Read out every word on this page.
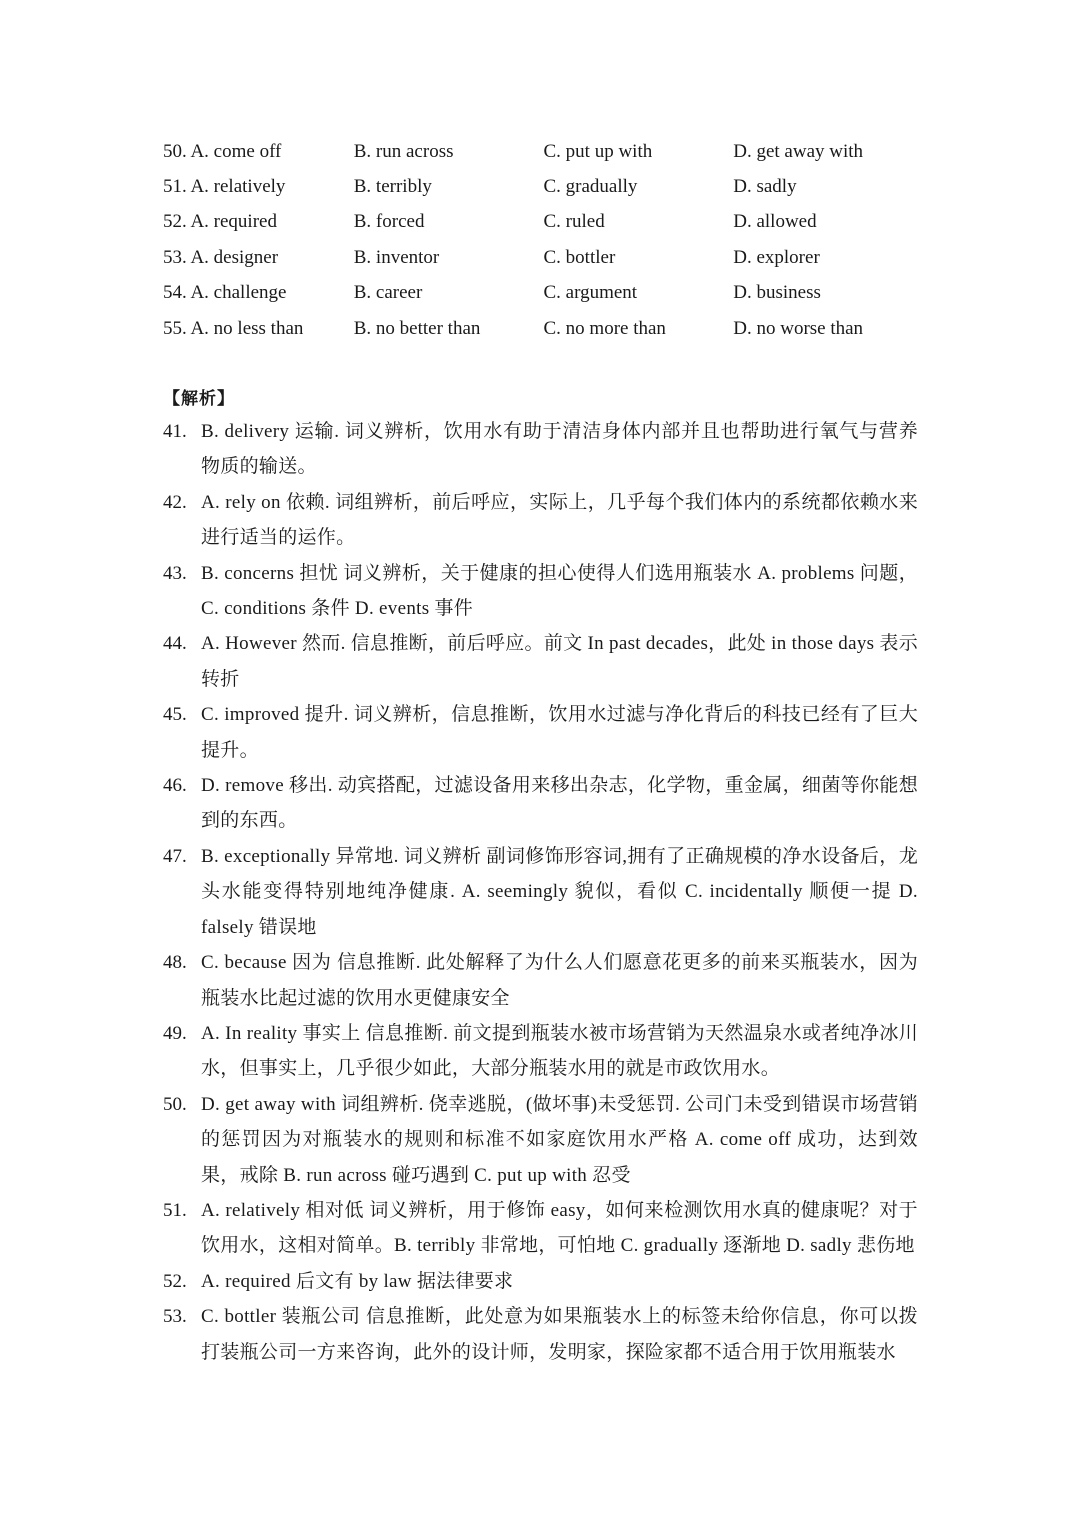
50. A. come off	B. run across	C. put up with	D. get away with
51. A. relatively	B. terribly	C. gradually	D. sadly
52. A. required	B. forced	C. ruled	D. allowed
53. A. designer	B. inventor	C. bottler	D. explorer
54. A. challenge	B. career	C. argument	D. business
55. A. no less than	B. no better than	C. no more than	D. no worse than
【解析】
41. B. delivery 运输. 词义辨析，饮用水有助于清洁身体内部并且也帮助进行氧气与营养物质的输送。
42. A. rely on 依赖. 词组辨析，前后呼应，实际上，几乎每个我们体内的系统都依赖水来进行适当的运作。
43. B. concerns 担忧 词义辨析，关于健康的担心使得人们选用瓶装水 A. problems 问题，C. conditions 条件 D. events 事件
44. A. However 然而. 信息推断，前后呼应。前文 In past decades，此处 in those days 表示转折
45. C. improved 提升. 词义辨析，信息推断，饮用水过滤与净化背后的科技已经有了巨大提升。
46. D. remove 移出. 动宾搭配，过滤设备用来移出杂志，化学物，重金属，细菌等你能想到的东西。
47. B. exceptionally 异常地. 词义辨析 副词修饰形容词,拥有了正确规模的净水设备后，龙头水能变得特别地纯净健康. A. seemingly 貌似，看似 C. incidentally 顺便一提 D. falsely 错误地
48. C. because 因为 信息推断. 此处解释了为什么人们愿意花更多的前来买瓶装水，因为瓶装水比起过滤的饮用水更健康安全
49. A. In reality 事实上 信息推断. 前文提到瓶装水被市场营销为天然温泉水或者纯净冰川水，但事实上，几乎很少如此，大部分瓶装水用的就是市政饮用水。
50. D. get away with 词组辨析. 侥幸逃脱，(做坏事)未受惩罚. 公司门未受到错误市场营销的惩罚因为对瓶装水的规则和标准不如家庭饮用水严格 A. come off 成功，达到效果，戒除 B. run across 碰巧遇到 C. put up with 忍受
51. A. relatively 相对低 词义辨析，用于修饰 easy，如何来检测饮用水真的健康呢？对于饮用水，这相对简单。B. terribly 非常地，可怕地 C. gradually 逐渐地 D. sadly 悲伤地
52. A. required 后文有 by law 据法律要求
53. C. bottler 装瓶公司 信息推断，此处意为如果瓶装水上的标签未给你信息，你可以拨打装瓶公司一方来咨询，此外的设计师，发明家，探险家都不适合用于饮用瓶装水
